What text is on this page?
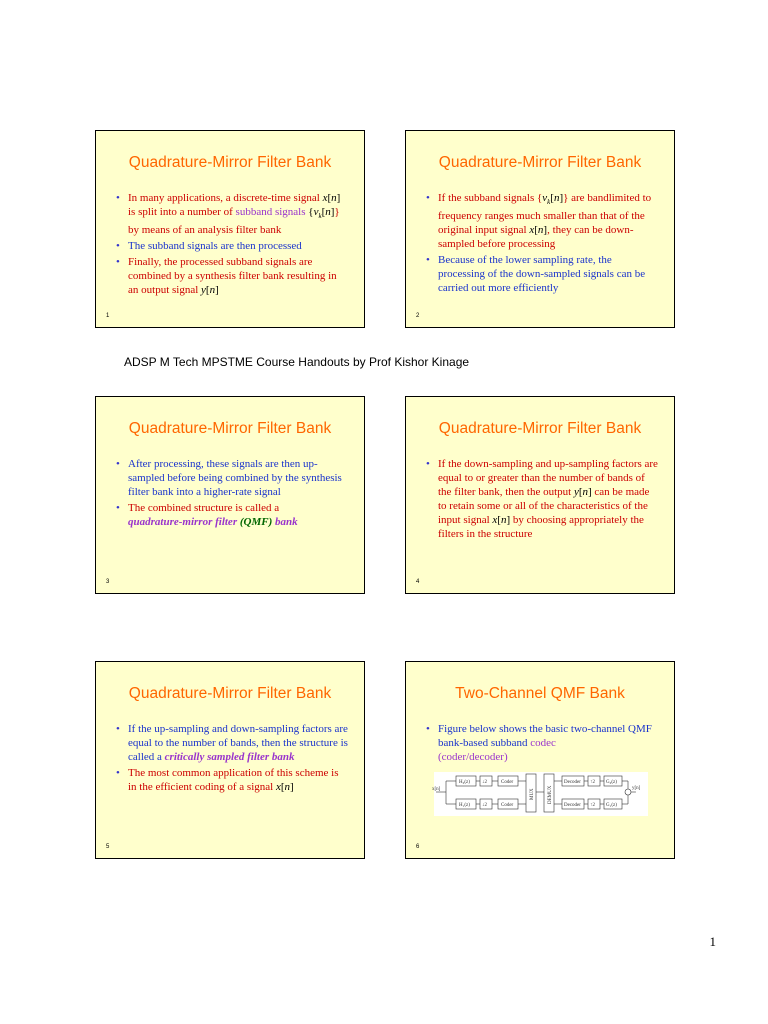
Quadrature-Mirror Filter Bank
• In many applications, a discrete-time signal x[n] is split into a number of subband signals $\{v_k[n]\}$ by means of an analysis filter bank
• The subband signals are then processed
• Finally, the processed subband signals are combined by a synthesis filter bank resulting in an output signal y[n]
1
Quadrature-Mirror Filter Bank
• If the subband signals $\{v_k[n]\}$ are bandlimited to frequency ranges much smaller than that of the original input signal x[n], they can be down-sampled before processing
• Because of the lower sampling rate, the processing of the down-sampled signals can be carried out more efficiently
2
ADSP M Tech MPSTME Course Handouts by Prof Kishor Kinage
Quadrature-Mirror Filter Bank
• After processing, these signals are then up-sampled before being combined by the synthesis filter bank into a higher-rate signal
• The combined structure is called a
quadrature-mirror filter (QMF) bank
3
Quadrature-Mirror Filter Bank
• If the down-sampling and up-sampling factors are equal to or greater than the number of bands of the filter bank, then the output y[n] can be made to retain some or all of the characteristics of the input signal x[n] by choosing appropriately the filters in the structure
4
Quadrature-Mirror Filter Bank
• If the up-sampling and down-sampling factors are equal to the number of bands, then the structure is called a critically sampled filter bank
• The most common application of this scheme is in the efficient coding of a signal x[n]
5
Two-Channel QMF Bank
• Figure below shows the basic two-channel QMF bank-based subband codec
(coder/decoder)
x[n]
H₀(z)
H₁(z)
↓2
↓2
Coder
Coder
MUX	DEMUX
Decoder
Decoder
↑2
↑2
G₀(z)
G₁(z)
y[n]
6
1
